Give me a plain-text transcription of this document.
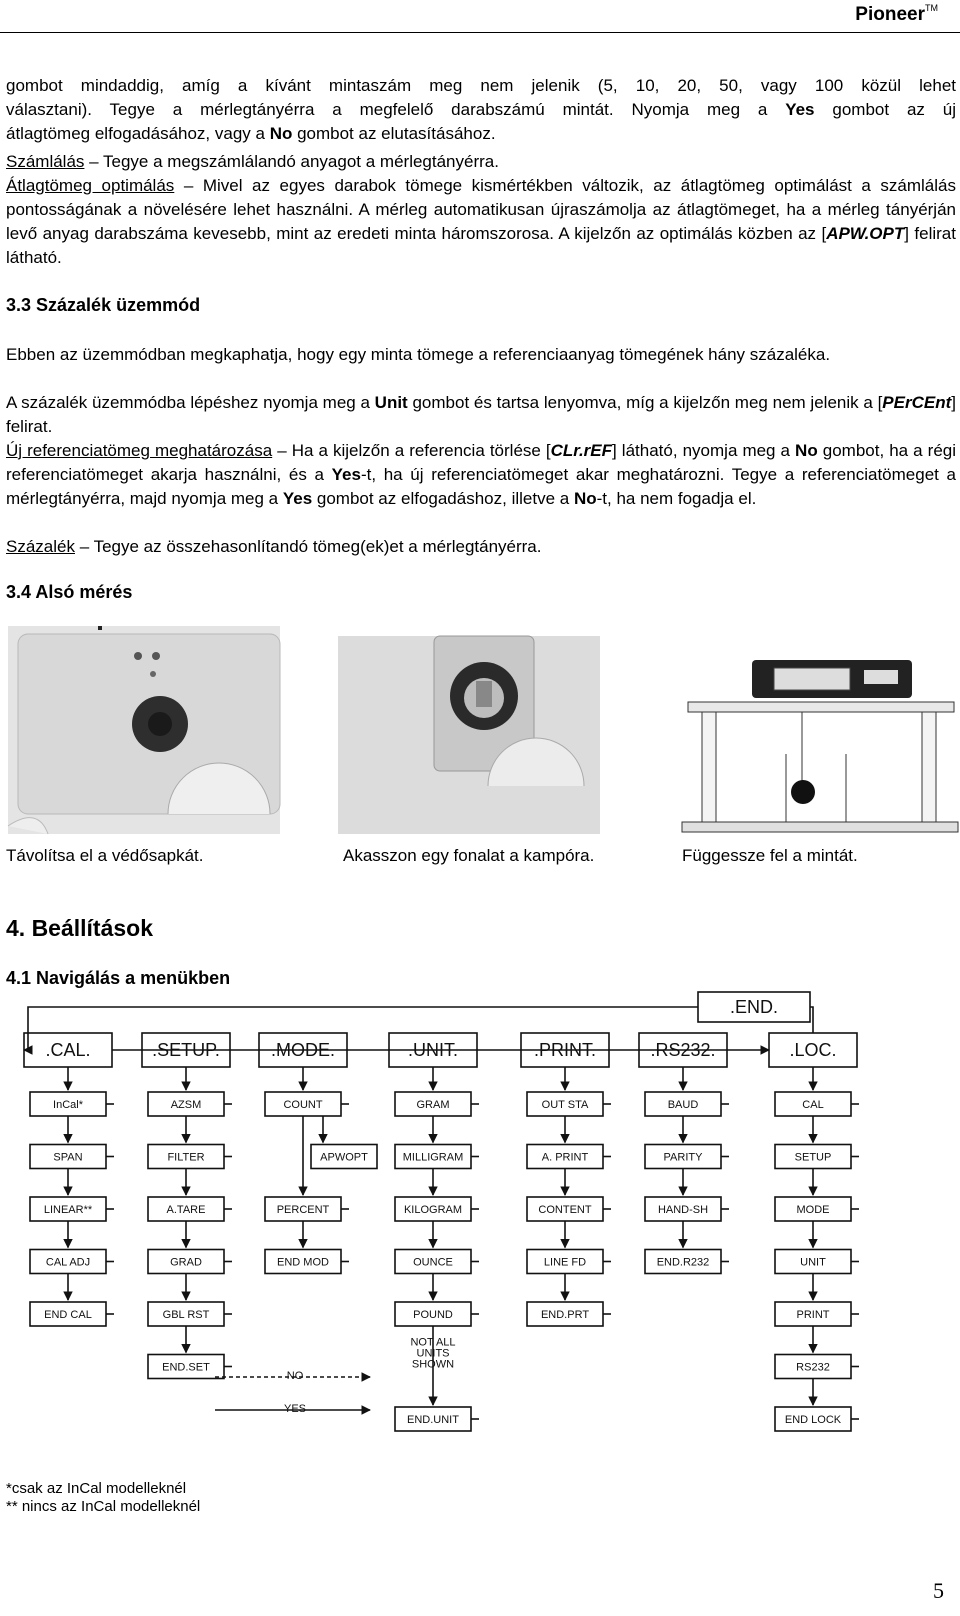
Pioneer™
gombot mindaddig, amíg a kívánt mintaszám meg nem jelenik (5, 10, 20, 50, vagy 100 közül lehet
választani). Tegye a mérlegtányérra a megfelelő darabszámú mintát. Nyomja meg a Yes gombot az új
átlagtömeg elfogadásához, vagy a No gombot az elutasításához.
Számlálás – Tegye a megszámlálandó anyagot a mérlegtányérra.
Átlagtömeg optimálás – Mivel az egyes darabok tömege kismértékben változik, az átlagtömeg optimálást a számlálás pontosságának a növelésére lehet használni. A mérleg automatikusan újraszámolja az átlagtömeget, ha a mérleg tányérján levő anyag darabszáma kevesebb, mint az eredeti minta háromszorosa. A kijelzőn az optimálás közben az [APW.OPT] felirat látható.
3.3 Százalék üzemmód
Ebben az üzemmódban megkaphatja, hogy egy minta tömege a referenciaanyag tömegének hány százaléka.
A százalék üzemmódba lépéshez nyomja meg a Unit gombot és tartsa lenyomva, míg a kijelzőn meg nem jelenik a [PErCEnt] felirat.
Új referenciatömeg meghatározása – Ha a kijelzőn a referencia törlése [CLr.rEF] látható, nyomja meg a No gombot, ha a régi referenciatömeget akarja használni, és a Yes-t, ha új referenciatömeget akar meghatározni. Tegye a referenciatömeget a mérlegtányérra, majd nyomja meg a Yes gombot az elfogadáshoz, illetve a No-t, ha nem fogadja el.
Százalék – Tegye az összehasonlítandó tömeg(ek)et a mérlegtányérra.
3.4 Alsó mérés
Távolítsa el a védősapkát.	Akasszon egy fonalat a kampóra.	Függessze fel a mintát.
4. Beállítások
4.1 Navigálás a menükben
.END.
.CAL.
InCal*
SPAN
LINEAR**
CAL ADJ
END CAL
.SETUP.
AZSM
FILTER
A.TARE
GRAD
GBL RST
END.SET
.MODE.
COUNT
PERCENT
END MOD
APWOPT
.UNIT.
GRAM
MILLIGRAM
KILOGRAM
OUNCE
POUND
END.UNIT
NOT ALL
UNITS
SHOWN
.PRINT.
OUT STA
A. PRINT
CONTENT
LINE FD
END.PRT
.RS232.
BAUD
PARITY
HAND-SH
END.R232
.LOC.
CAL
SETUP
MODE
UNIT
PRINT
RS232
END LOCK
NO
YES
*csak az InCal modelleknél
** nincs az InCal modelleknél
5
